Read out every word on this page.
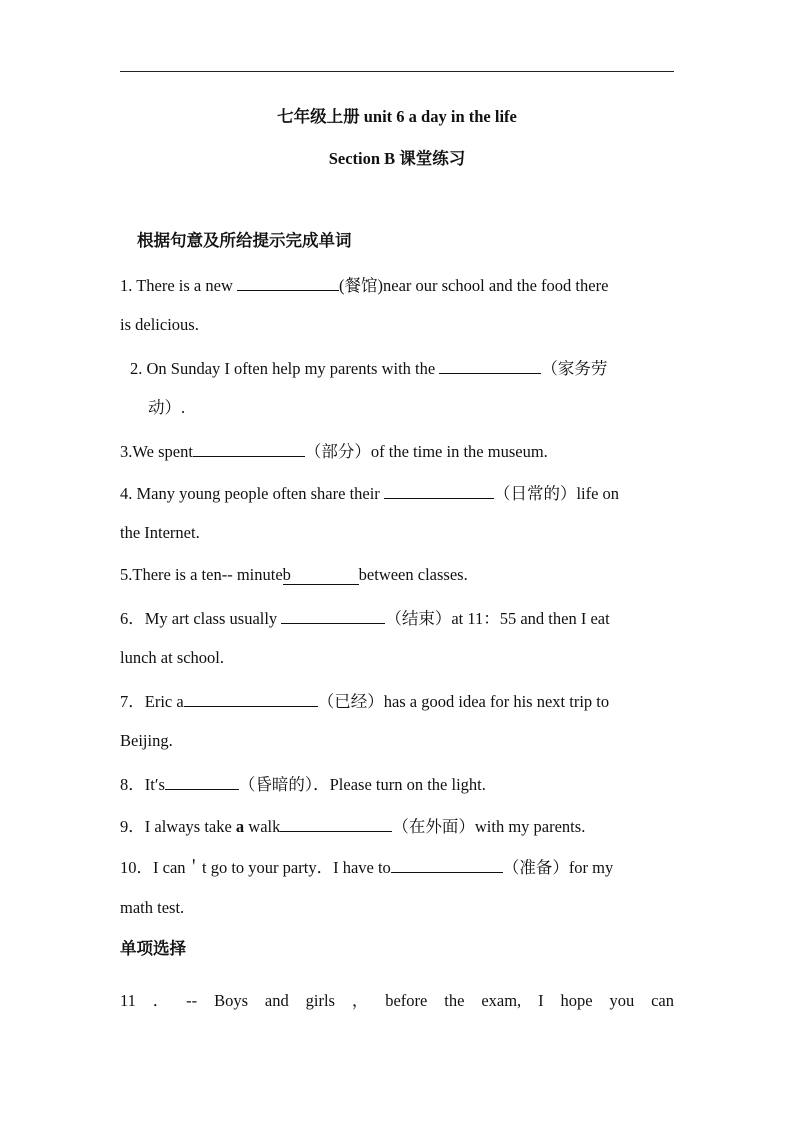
七年级上册 unit 6 a day in the life
Section B 课堂练习
根据句意及所给提示完成单词
1. There is a new	(餐馆)near our school and the food there
is delicious.
2. On Sunday I often help my parents with the	（家务劳
动）.
3.We spent	（部分）of the time in the museum.
4. Many young people often share their	（日常的）life on
the Internet.
5.There is a ten-- minuteb	between classes.
6．My art class usually	（结束）at 11：55 and then I eat
lunch at school.
7．Eric a	（已经）has a good idea for his next trip to
Beijing.
8．It′s	（昏暗的）．Please turn on the light.
9．I always take a walk	（在外面）with my parents.
10．I can＇t go to your party．I have to	（准备）for my
math test.
单项选择
11 ． -- Boys and girls ， before the exam, I hope you can
